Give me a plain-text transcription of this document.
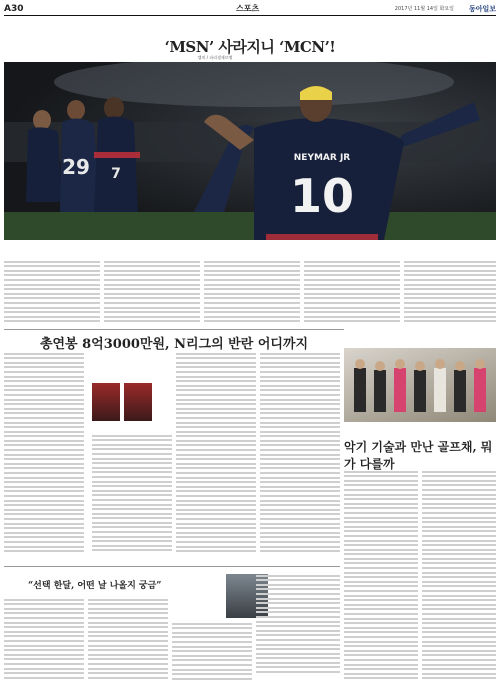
A30	스포츠	2017년 11월 14일 화요일 동아일보
‘MSN’ 사라지니 ‘MCN’!
캡처 / 파리생제르맹
29 7
NEYMAR JR
10
총연봉 8억3000만원, N리그의 반란 어디까지
악기 기술과 만난 골프채, 뭐가 다를까
“선택 한달, 어떤 날 나올지 궁금”
